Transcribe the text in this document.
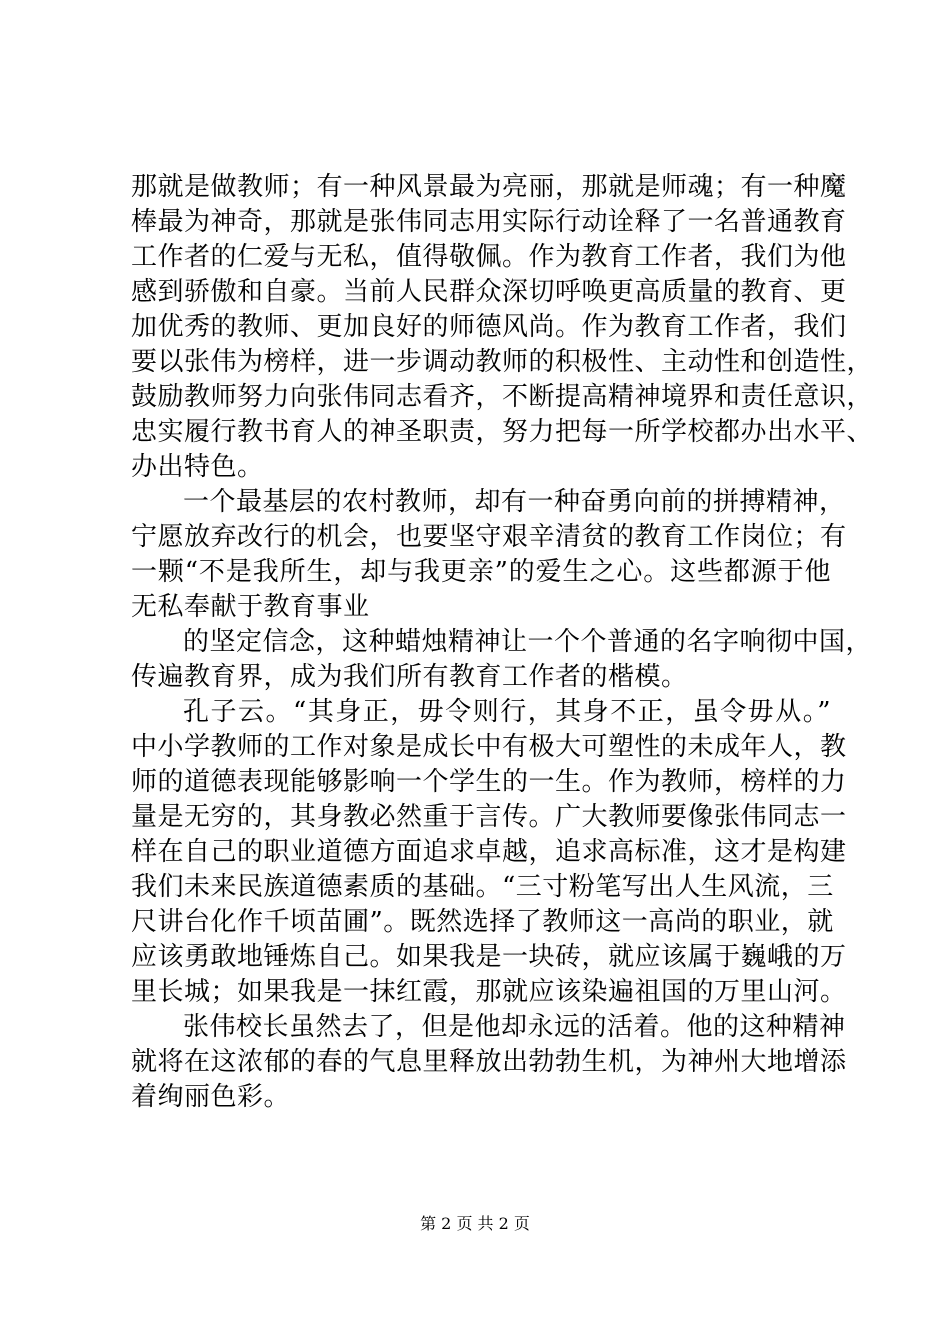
那就是做教师；有一种风景最为亮丽，那就是师魂；有一种魔
棒最为神奇，那就是张伟同志用实际行动诠释了一名普通教育
工作者的仁爱与无私，值得敬佩。作为教育工作者，我们为他
感到骄傲和自豪。当前人民群众深切呼唤更高质量的教育、更
加优秀的教师、更加良好的师德风尚。作为教育工作者，我们
要以张伟为榜样，进一步调动教师的积极性、主动性和创造性，
鼓励教师努力向张伟同志看齐，不断提高精神境界和责任意识，
忠实履行教书育人的神圣职责，努力把每一所学校都办出水平、
办出特色。

一个最基层的农村教师，却有一种奋勇向前的拼搏精神，
宁愿放弃改行的机会，也要坚守艰辛清贫的教育工作岗位；有
一颗“不是我所生，却与我更亲”的爱生之心。这些都源于他
无私奉献于教育事业

的坚定信念，这种蜡烛精神让一个个普通的名字响彻中国，
传遍教育界，成为我们所有教育工作者的楷模。

孔子云。“其身正，毋令则行，其身不正，虽令毋从。”
中小学教师的工作对象是成长中有极大可塑性的未成年人，教
师的道德表现能够影响一个学生的一生。作为教师，榜样的力
量是无穷的，其身教必然重于言传。广大教师要像张伟同志一
样在自己的职业道德方面追求卓越，追求高标准，这才是构建
我们未来民族道德素质的基础。“三寸粉笔写出人生风流，三
尺讲台化作千顷苗圃”。既然选择了教师这一高尚的职业，就
应该勇敢地锤炼自己。如果我是一块砖，就应该属于巍峨的万
里长城；如果我是一抹红霞，那就应该染遍祖国的万里山河。

张伟校长虽然去了，但是他却永远的活着。他的这种精神
就将在这浓郁的春的气息里释放出勃勃生机，为神州大地增添
着绚丽色彩。

第 2 页 共 2 页
